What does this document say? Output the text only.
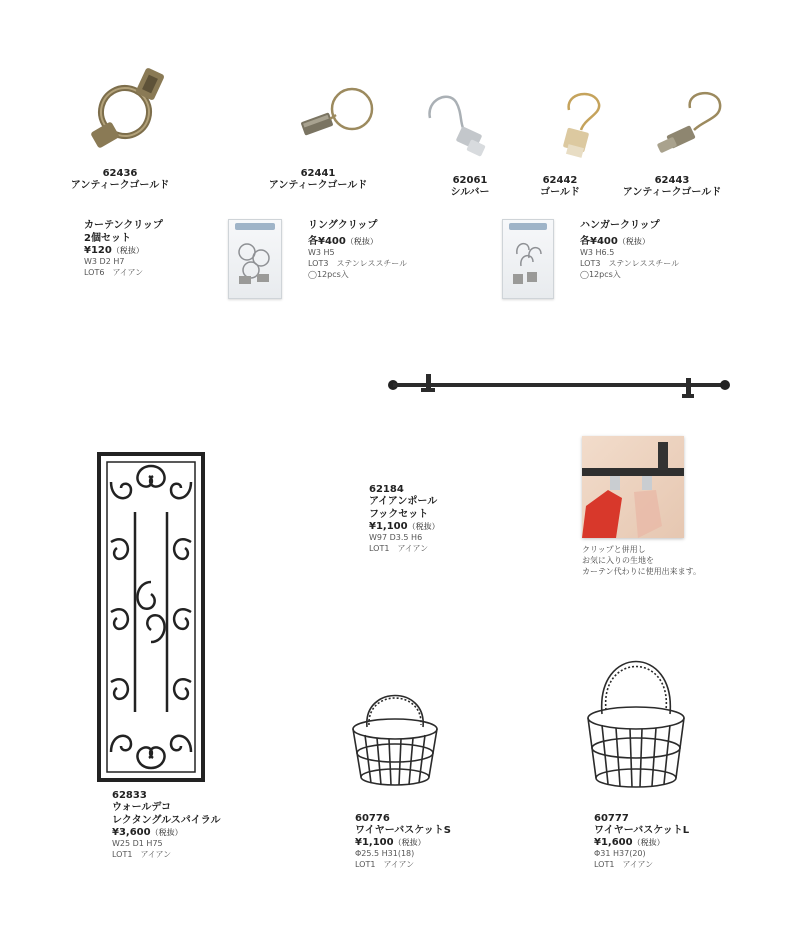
62436
アンティークゴールド
62441
アンティークゴールド	62061
シルバー
62442
ゴールド
62443
アンティークゴールド
カーテンクリップ
2個セット
¥120（税抜）
W3 D2 H7
LOT6　アイアン
リングクリップ
各¥400（税抜）
W3 H5
LOT3　ステンレススチール
◯12pcs入
ハンガークリップ
各¥400（税抜）
W3 H6.5
LOT3　ステンレススチール
◯12pcs入
62184
アイアンポール
フックセット
¥1,100（税抜）
W97 D3.5 H6
LOT1　アイアン	クリップと併用し
お気に入りの生地を
カーテン代わりに使用出来ます。
62833
ウォールデコ
レクタングルスパイラル
¥3,600（税抜）
W25 D1 H75
LOT1　アイアン
60776
ワイヤーバスケットS
¥1,100（税抜）
Φ25.5 H31(18)
LOT1　アイアン
60777
ワイヤーバスケットL
¥1,600（税抜）
Φ31 H37(20)
LOT1　アイアン
